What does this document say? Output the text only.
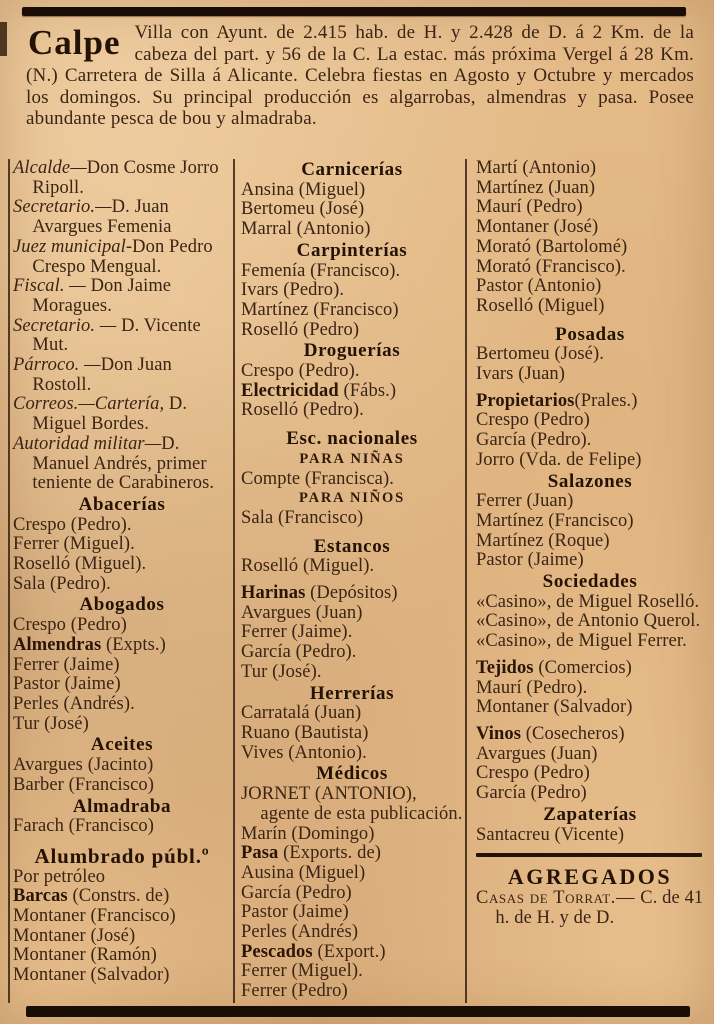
Calpe Villa con Ayunt. de 2.415 hab. de H. y 2.428 de D. á 2 Km. de la cabeza del part. y 56 de la C. La estac. más próxima Vergel á 28 Km. (N.) Carretera de Silla á Alicante. Celebra fiestas en Agosto y Octubre y mercados los domingos. Su principal producción es algarrobas, almendras y pasa. Posee abundante pesca de bou y almadraba.
Alcalde—Don Cosme Jorro Ripoll.
Secretario.—D. Juan Avargues Femenia
Juez municipal-Don Pedro Crespo Mengual.
Fiscal. — Don Jaime Moragues.
Secretario. — D. Vicente Mut.
Párroco. —Don Juan Rostoll.
Correos.—Cartería, D. Miguel Bordes.
Autoridad militar—D. Manuel Andrés, primer teniente de Carabineros.
Abacerías
Crespo (Pedro).
Ferrer (Miguel).
Roselló (Miguel).
Sala (Pedro).
Abogados
Crespo (Pedro)
Almendras (Expts.)
Ferrer (Jaime)
Pastor (Jaime)
Perles (Andrés).
Tur (José)
Aceites
Avargues (Jacinto)
Barber (Francisco)
Almadraba
Farach (Francisco)
Alumbrado públ.º
Por petróleo
Barcas (Constrs. de)
Montaner (Francisco)
Montaner (José)
Montaner (Ramón)
Montaner (Salvador)
Carnicerías
Ansina (Miguel)
Bertomeu (José)
Marral (Antonio)
Carpinterías
Femenía (Francisco).
Ivars (Pedro).
Martínez (Francisco)
Roselló (Pedro)
Droguerías
Crespo (Pedro).
Electricidad (Fábs.)
Roselló (Pedro).
Esc. nacionales
PARA NIÑAS
Compte (Francisca).
PARA NIÑOS
Sala (Francisco)
Estancos
Roselló (Miguel).
Harinas (Depósitos)
Avargues (Juan)
Ferrer (Jaime).
García (Pedro).
Tur (José).
Herrerías
Carratalá (Juan)
Ruano (Bautista)
Vives (Antonio).
Médicos
JORNET (ANTONIO), agente de esta publicación.
Marín (Domingo)
Pasa (Exports. de)
Ausina (Miguel)
García (Pedro)
Pastor (Jaime)
Perles (Andrés)
Pescados (Export.)
Ferrer (Miguel).
Ferrer (Pedro)
Martí (Antonio)
Martínez (Juan)
Maurí (Pedro)
Montaner (José)
Morató (Bartolomé)
Morató (Francisco).
Pastor (Antonio)
Roselló (Miguel)
Posadas
Bertomeu (José).
Ivars (Juan)
Propietarios(Prales.)
Crespo (Pedro)
García (Pedro).
Jorro (Vda. de Felipe)
Salazones
Ferrer (Juan)
Martínez (Francisco)
Martínez (Roque)
Pastor (Jaime)
Sociedades
«Casino», de Miguel Roselló.
«Casino», de Antonio Querol.
«Casino», de Miguel Ferrer.
Tejidos (Comercios)
Maurí (Pedro).
Montaner (Salvador)
Vinos (Cosecheros)
Avargues (Juan)
Crespo (Pedro)
García (Pedro)
Zapaterías
Santacreu (Vicente)
AGREGADOS
Casas de Torrat.— C. de 41 h. de H. y de D.
